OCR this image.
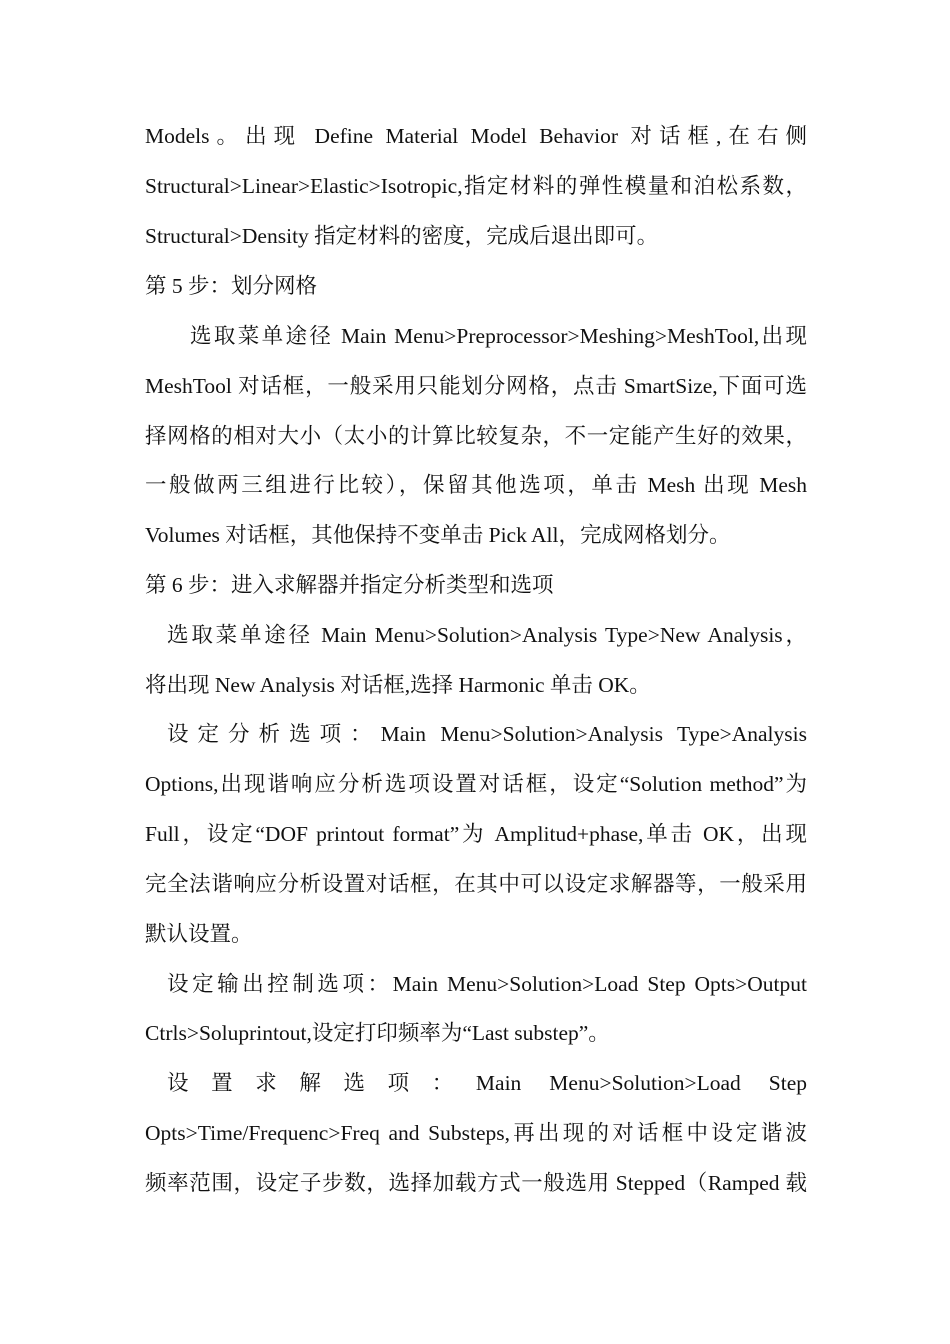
Models。出现 Define Material Model Behavior 对话框,在右侧
Structural>Linear>Elastic>Isotropic,指定材料的弹性模量和泊松系数，
Structural>Density 指定材料的密度，完成后退出即可。
第 5 步：划分网格
选取菜单途径 Main Menu>Preprocessor>Meshing>MeshTool,出现
MeshTool 对话框，一般采用只能划分网格，点击 SmartSize,下面可选
择网格的相对大小（太小的计算比较复杂，不一定能产生好的效果，
一般做两三组进行比较），保留其他选项，单击 Mesh 出现 Mesh
Volumes 对话框，其他保持不变单击 Pick All，完成网格划分。
第 6 步：进入求解器并指定分析类型和选项
选取菜单途径 Main Menu>Solution>Analysis Type>New Analysis，
将出现 New Analysis 对话框,选择 Harmonic 单击 OK。
设定分析选项：Main Menu>Solution>Analysis Type>Analysis
Options,出现谐响应分析选项设置对话框，设定“Solution method”为
Full，设定“DOF printout format”为 Amplitud+phase,单击 OK，出现
完全法谐响应分析设置对话框，在其中可以设定求解器等，一般采用
默认设置。
设定输出控制选项：Main Menu>Solution>Load Step Opts>Output
Ctrls>Soluprintout,设定打印频率为“Last substep”。
设置求解选项：Main Menu>Solution>Load Step
Opts>Time/Frequenc>Freq and Substeps,再出现的对话框中设定谐波
频率范围，设定子步数，选择加载方式一般选用 Stepped（Ramped 载
